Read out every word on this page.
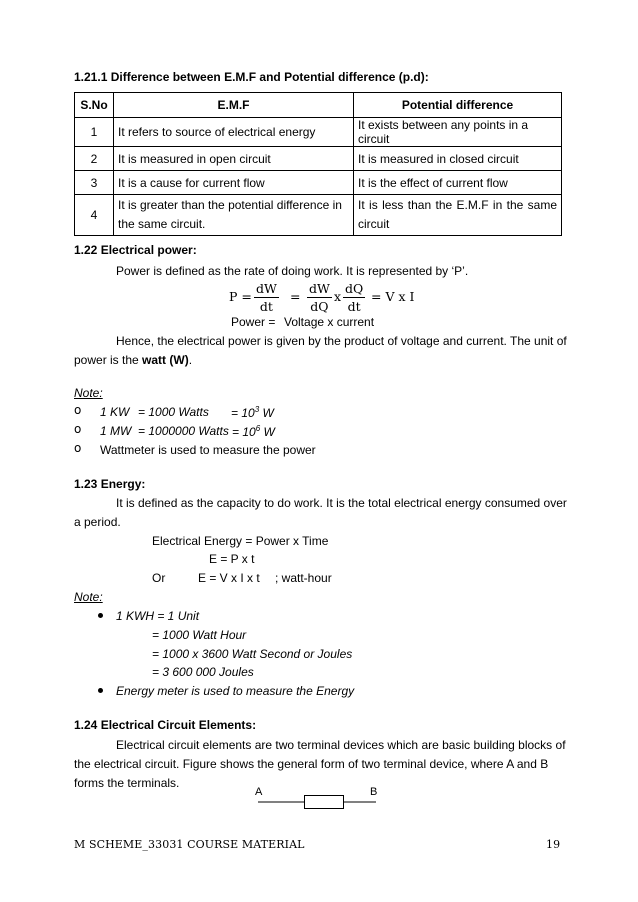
1.21.1 Difference between E.M.F and Potential difference (p.d):
S.No	E.M.F	Potential difference
1	It refers to source of electrical energy	It exists between any points in a circuit
2	It is measured in open circuit	It is measured in closed circuit
3	It is a cause for current flow	It is the effect of current flow
4	It is greater than the potential difference in the same circuit.	It is less than the E.M.F in the same circuit
1.22 Electrical power:
Power is defined as the rate of doing work. It is represented by ‘P’.
$P = \frac{dW}{dt} = \frac{dW}{dQ}$ x $\frac{dQ}{dt} = V$ x I
Power = Voltage x current
Hence, the electrical power is given by the product of voltage and current. The unit of
power is the watt (W).
Note:
o 1 KW = 1000 Watts = $10^3$ W
o 1 MW = 1000000 Watts = $10^6$ W
o Wattmeter is used to measure the power
1.23 Energy:
It is defined as the capacity to do work. It is the total electrical energy consumed over
a period.
Electrical Energy = Power x Time
E = P x t
Or	E = V x I x t ; watt-hour
Note:
1 KWH = 1 Unit
= 1000 Watt Hour
= 1000 x 3600 Watt Second or Joules
= 3 600 000 Joules
Energy meter is used to measure the Energy
1.24 Electrical Circuit Elements:
Electrical circuit elements are two terminal devices which are basic building blocks of
the electrical circuit. Figure shows the general form of two terminal device, where A and B
forms the terminals.
A	B
M SCHEME_33031 COURSE MATERIAL	19
